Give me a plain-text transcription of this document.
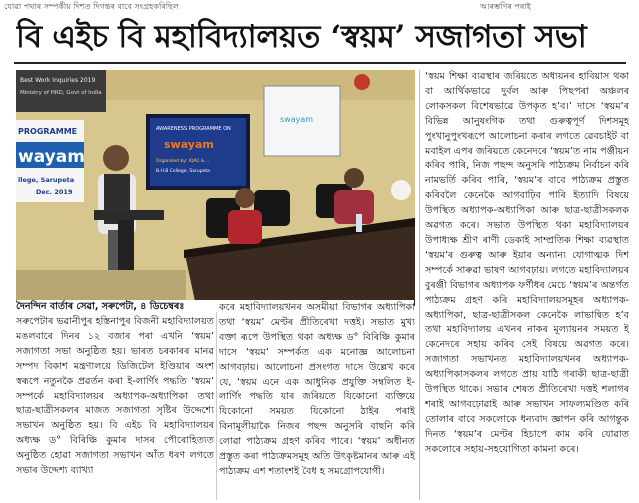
যোৱা পথাৰ সম্পৰ্কীয় দিশত দিগন্তৰ বাবে সংগ্ৰহকৰিছিল	আৰম্ভণিৰ পৰাই
বি এইচ বি মহাবিদ্যালয়ত ‘স্বয়ম’ সজাগতা সভা
Best Work Inquiries 2019
Ministry of HRD, Govt of India
PROGRAMME
wayam
llege, Sarupeta
Dec. 2019
AWARENESS PROGRAMME ON
swayam
Organized by: IQAC & ...
B.H.B College, Sarupeta
swayam
দৈনন্দিন বাৰ্তাৰ সেৱা, সৰুপেটা, ৪ ডিচেম্বৰঃ

সৰুপেটাৰ ভৱানীপুৰ হস্তিনাপুৰ বিজনী মহাবিদ্যালয়ত মঙলবাৰে দিনৰ ১২ বজাৰ পৰা এখনি ‘স্বয়ম’ সজাগতা সভা অনুষ্ঠিত হয়। ভাৰত চৰকাৰৰ মানৱ সম্পদ বিকাশ মন্ত্ৰণালয়ে ডিজিটেল ইণ্ডিয়াৰ অংশ স্বৰূপে নতুনকৈ প্ৰৱৰ্তন কৰা ই-লাৰ্ণিং পদ্ধতি ‘স্বয়ম’ সম্পৰ্কে মহাবিদ্যালয়ৰ অধ্যাপক-অধ্যাপিকা তথা ছাত্ৰ-ছাত্ৰীসকলৰ মাজত সজাগতা সৃষ্টিৰ উদ্দেশ্যে সভাখন অনুষ্ঠিত হয়। বি এইচ বি মহাবিদ্যালয়ৰ অধ্যক্ষ ড° বিৰিঞ্চি কুমাৰ দাসৰ পৌৰোহিত্যত অনুষ্ঠিত হোৱা সজাগতা সভাখন আঁত ধৰণ লগতে সভাৰ উদ্দেশ্য ব্যাখ্যা

কৰে মহাবিদ্যালয়খনৰ অসমীয়া বিভাগৰ অধ্যাপিকা তথা ‘স্বয়ম’ মেণ্টৰ প্ৰীতিৰেখা দত্তই। সভাত মুখ্য বক্তা ৰূপে উপস্থিত থকা অধ্যক্ষ ড° বিৰিঞ্চি কুমাৰ দাসে ‘স্বয়ম’ সম্পৰ্কত এক মনোজ্ঞ আলোচনা আগবঢ়ায়। আলোচনা প্ৰসংগত দাসে উল্লেখ কৰে যে, ‘স্বয়ম এনে এক আধুনিক প্ৰযুক্তি সম্বলিত ই-লাৰ্ণিং পদ্ধতি যাৰ জৰিয়তে যিকোনো ব্যক্তিয়ে যিকোনো সময়ত যিকোনো ঠাইৰ পৰাই বিনামূলীয়াকৈ নিজৰ পছন্দ অনুসৰি বাছনি কৰি লোৱা পাঠ্যক্ৰম গ্ৰহণ কৰিব পাৰে। ‘স্বয়ম’ অধীনত প্ৰস্তুত কৰা পাঠ্যক্ৰমসমূহ অতি উৎকৃষ্টমানৰ আৰু এই পাঠ্যক্ৰম এশ শতাংশই বৈধ হ সমগ্ৰোপযোগী।

‘স্বয়ম শিক্ষা ব্যৱস্থাৰ জৰিয়তে অধ্যয়নৰ হাবিয়াস থকা বা আৰ্থিকভাৱে দুৰ্বল আৰু পিছপৰা অঞ্চলৰ লোকসকল বিশেষভাৱে উপকৃত হ’ব।’ দাসে ‘স্বয়ম’ৰ বিভিন্ন আনুষংগিক তথা গুৰুত্বপূৰ্ণ দিশসমূহ পুংখানুপুংখৰূপে আলোচনা কৰাৰ লগতে ৱেবচাইট বা মবাইল এপৰ জৰিয়তে কেনেদৰে ‘স্বয়ম’ত নাম পঞ্জীয়ন কৰিব পাৰি, নিজ পছন্দ অনুসৰি পাঠ্যক্ৰম নিৰ্বাচন কৰি নামভৰ্তি কৰিব পাৰি, ‘স্বয়ম’ৰ বাবে পাঠ্যক্ৰম প্ৰস্তুত কৰিবলৈ কেনেকৈ আগবাঢ়িব পাৰি ইত্যাদি বিষয়ে উপস্থিত অধ্যাপক-অধ্যাপিকা আৰু ছাত্ৰ-ছাত্ৰীসকলক অৱগত কৰে। সভাত উপস্থিত থকা মহাবিদ্যালয়ৰ উপাধ্যক্ষ শ্ৰীণ ৰাণী ডেকাই সাম্প্ৰতিক শিক্ষা ব্যৱস্থাত ‘স্বয়ম’ৰ গুৰুত্ব আৰু ইয়াৰ অন্যান্য যোগাত্মক দিশ সম্পৰ্কে সাৰুৱা ভাষণ আগবঢ়ায়। লগতে মহাবিদ্যালয়ৰ বুৰঞ্জী বিভাগৰ অধ্যাপক ফৰ্ণীধৰ মেচে ‘স্বয়ম’ৰ অন্তৰ্গত পাঠ্যক্ৰম গ্ৰহণ কৰি মহাবিদ্যালয়সমূহৰ অধ্যাপক-অধ্যাপিকা, ছাত্ৰ-ছাত্ৰীসকল কেনেকৈ লাভান্বিত হ’ব তথা মহাবিদ্যালয় এখনৰ নাকৰ মূল্যায়নৰ সময়ত ই কেনেদৰে সহায় কৰিব সেই বিষয়ে অৱগত কৰে। সজাগতা সভাখনত মহাবিদ্যালয়খনৰ অধ্যাপক-অধ্যাপিকাসকলৰ লগতে প্ৰায় যাঠি গৰাকী ছাত্ৰ-ছাত্ৰী উপস্থিত থাকে। সভাৰ শেষত প্ৰীতিৰেখা দত্তই শলাগৰ শৰাই আগবঢ়োৱাই আৰু সভাখন সাফল্যমণ্ডিত কৰি তোলাৰ বাবে সকলোকে ধন্যবাদ জ্ঞাপন কৰি আগন্তুক দিনত ‘স্বয়ম’ৰ মেণ্টৰ হিচাপে কাম কৰি যোৱাত সকলোৰে সহায়-সহযোগিতা কামনা কৰে।
